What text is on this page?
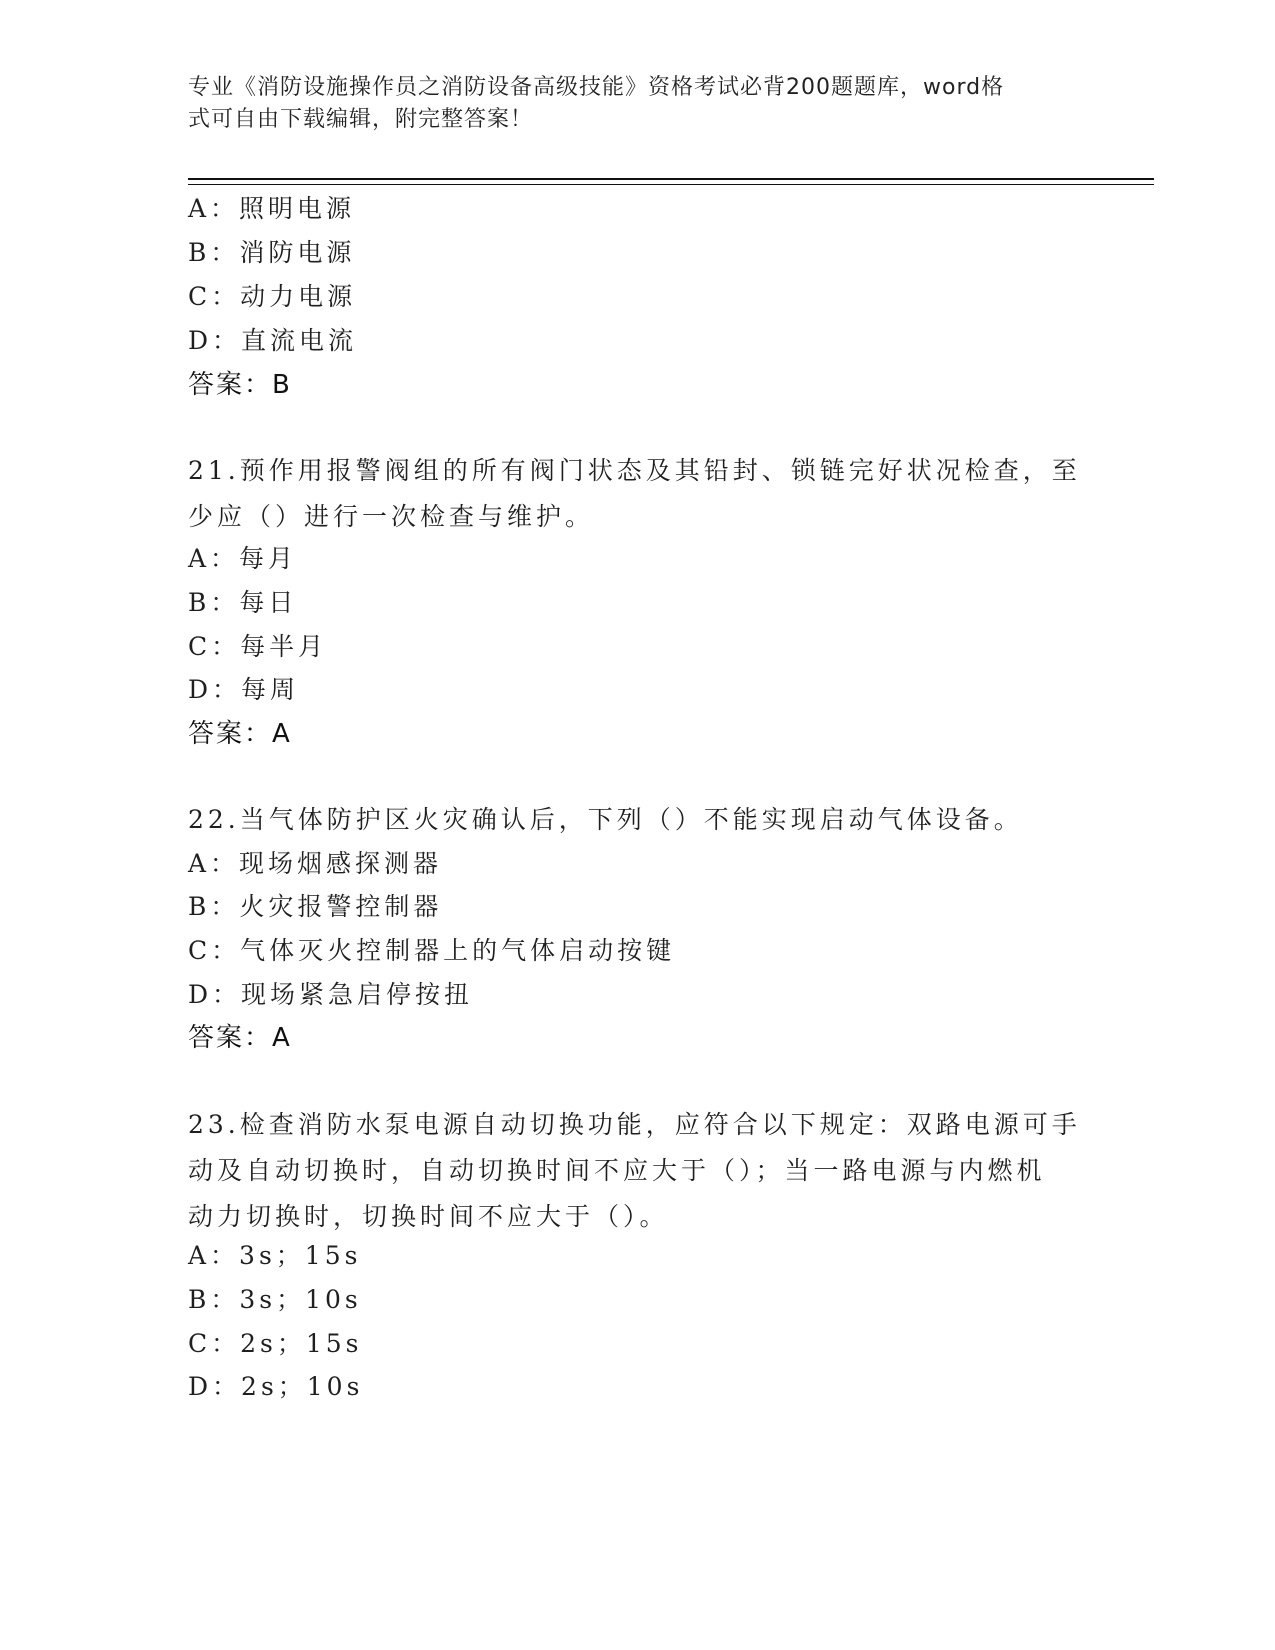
专业《消防设施操作员之消防设备高级技能》资格考试必背200题题库，word格
式可自由下载编辑，附完整答案！
A：照明电源
B：消防电源
C：动力电源
D：直流电流
答案：B
21.预作用报警阀组的所有阀门状态及其铅封、锁链完好状况检查，至
少应（）进行一次检查与维护。
A：每月
B：每日
C：每半月
D：每周
答案：A
22.当气体防护区火灾确认后，下列（）不能实现启动气体设备。
A：现场烟感探测器
B：火灾报警控制器
C：气体灭火控制器上的气体启动按键
D：现场紧急启停按扭
答案：A
23.检查消防水泵电源自动切换功能，应符合以下规定：双路电源可手
动及自动切换时，自动切换时间不应大于（）；当一路电源与内燃机
动力切换时，切换时间不应大于（）。
A：3s；15s
B：3s；10s
C：2s；15s
D：2s；10s
